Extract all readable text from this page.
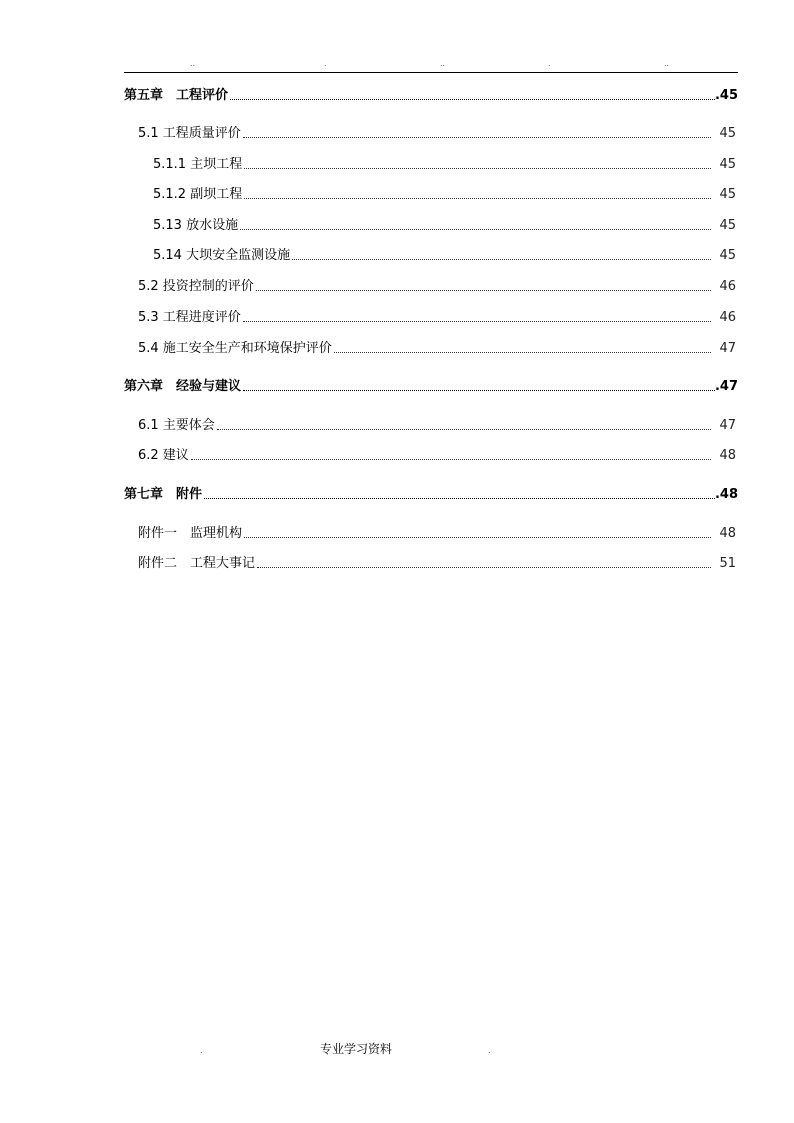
..	.	..	.	..
第五章　工程评价	.45
5.1 工程质量评价	45
5.1.1 主坝工程	45
5.1.2 副坝工程	45
5.13 放水设施	45
5.14 大坝安全监测设施	45
5.2 投资控制的评价	46
5.3 工程进度评价	46
5.4 施工安全生产和环境保护评价	47
第六章　经验与建议	.47
6.1 主要体会	47
6.2 建议	48
第七章　附件	.48
附件一　监理机构	48
附件二　工程大事记	51
.	专业学习资料	.
